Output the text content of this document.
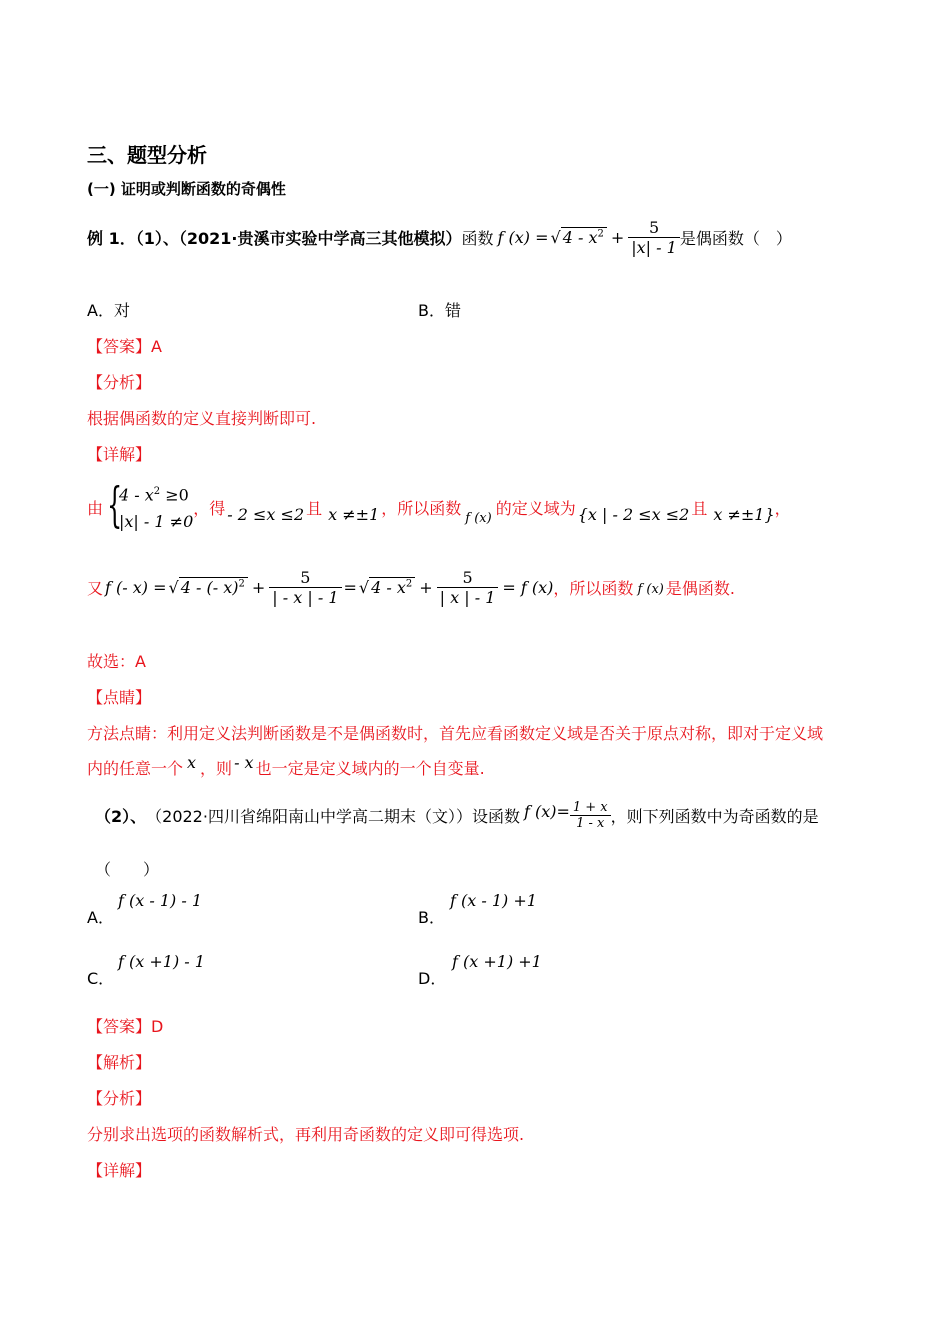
三、题型分析
(一) 证明或判断函数的奇偶性
例 1．（1）、（2021·贵溪市实验中学高三其他模拟） 函数 f (x) = √ $4 - x^2 + \frac{5}{|x| - 1}$ 是偶函数（　）
A．对	B．错
【答案】A
【分析】
根据偶函数的定义直接判断即可.
【详解】
由 {
$4 - x^2 \ge 0$
|x| - 1 ≠0
，得 - 2 ≤x ≤2 且 x ≠±1 ，所以函数
f (x)
的定义域为 {x | - 2 ≤x ≤2 且 x ≠±1} ，
又 f (- x) = √ 4 - (- $x)^2 + \frac{5}{| - x | - 1}$ = √ $4 - x^2 + \frac{5}{| x | - 1} = f$ (x) ，所以函数 f (x) 是偶函数.
故选：A
【点睛】
方法点睛：利用定义法判断函数是不是偶函数时，首先应看函数定义域是否关于原点对称，即对于定义域
内的任意一个 x ，则 - x 也一定是定义域内的一个自变量.
（2）、 （2022·四川省绵阳南山中学高二期末（文））设函数 f $(x) = \frac{1 + x}{1 - x}$ ，则下列函数中为奇函数的是
（　　）
A．
f (x - 1) - 1
B．
f (x - 1) +1
C．
f (x +1) - 1
D．
f (x +1) +1
【答案】D
【解析】
【分析】
分别求出选项的函数解析式，再利用奇函数的定义即可得选项.
【详解】
